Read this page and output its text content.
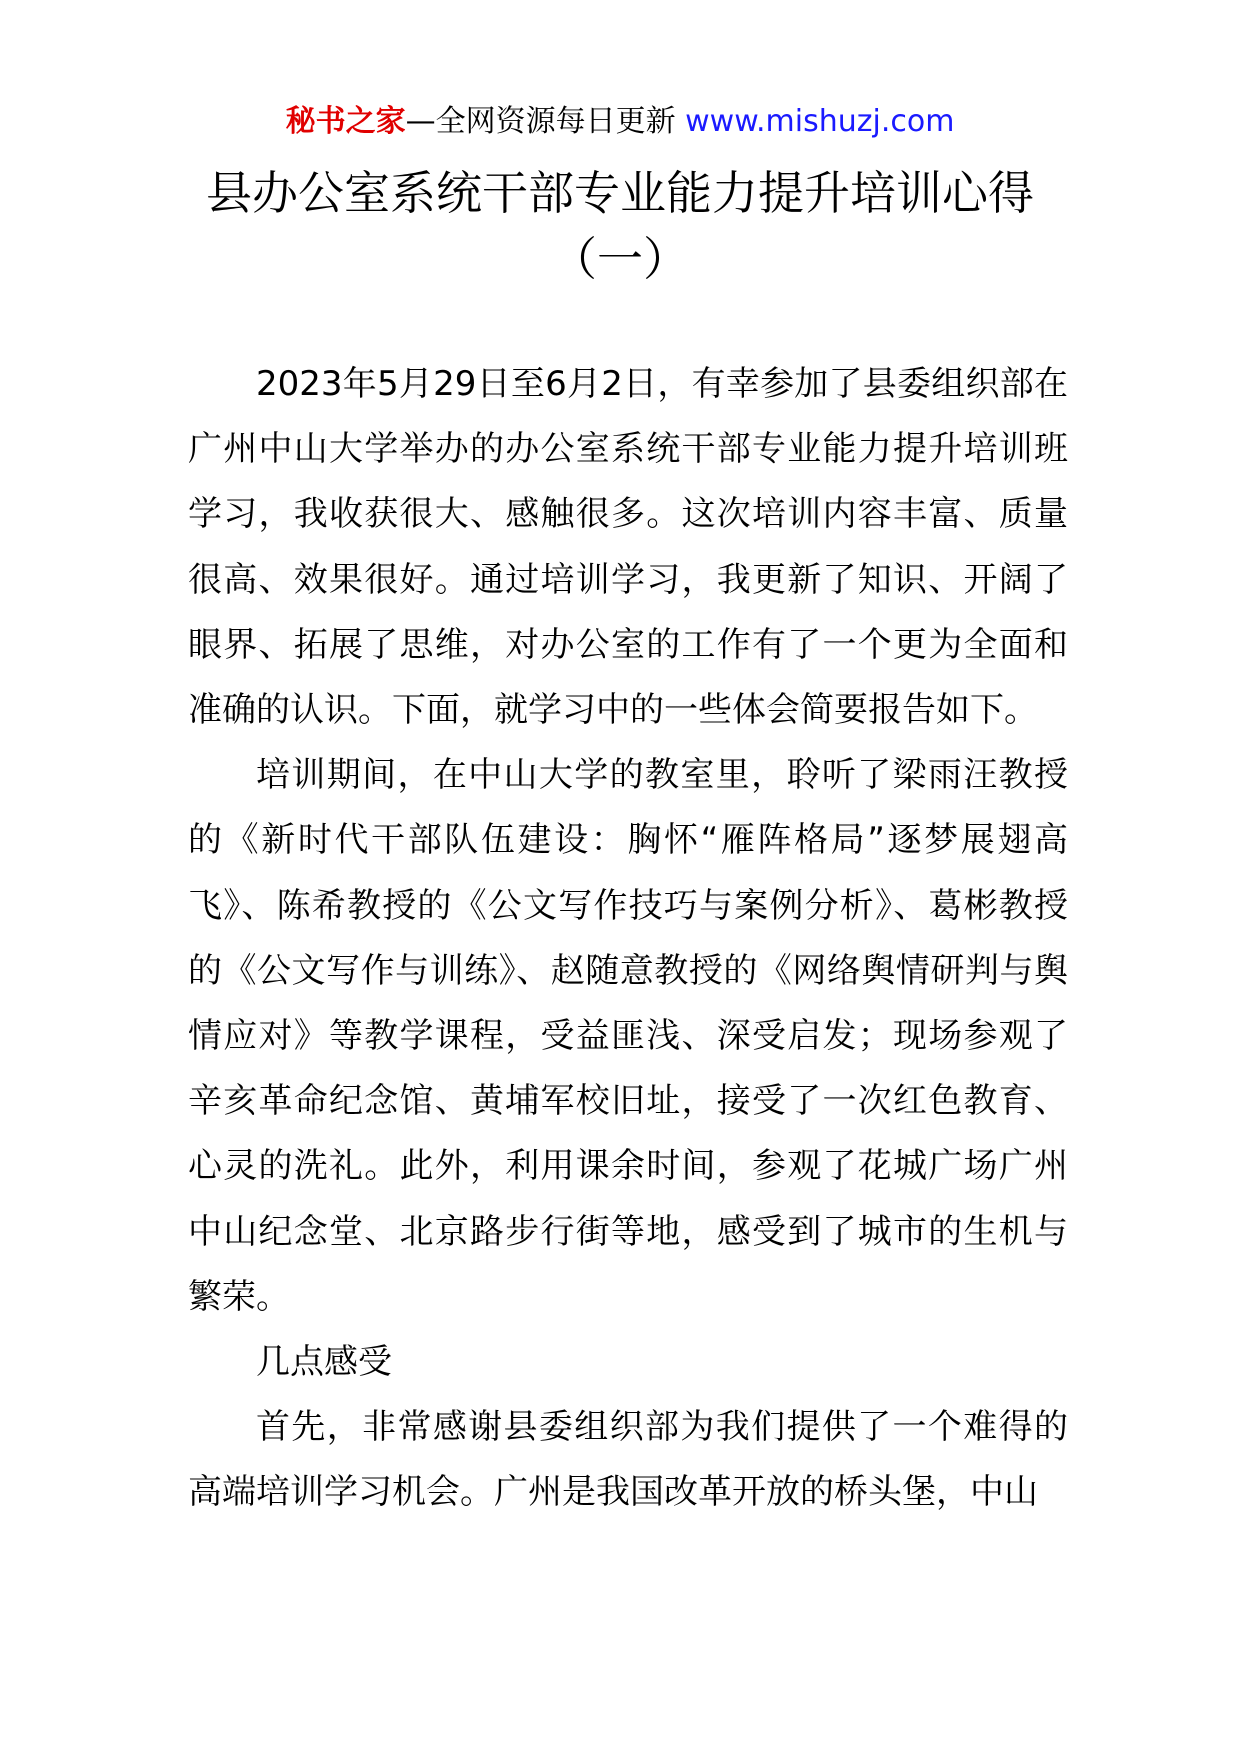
秘书之家—全网资源每日更新 www.mishuzj.com
县办公室系统干部专业能力提升培训心得（一）

2023年5月29日至6月2日，有幸参加了县委组织部在广州中山大学举办的办公室系统干部专业能力提升培训班学习，我收获很大、感触很多。这次培训内容丰富、质量很高、效果很好。通过培训学习，我更新了知识、开阔了眼界、拓展了思维，对办公室的工作有了一个更为全面和准确的认识。下面，就学习中的一些体会简要报告如下。

培训期间，在中山大学的教室里，聆听了梁雨汪教授的《新时代干部队伍建设：胸怀“雁阵格局”逐梦展翅高飞》、陈希教授的《公文写作技巧与案例分析》、葛彬教授的《公文写作与训练》、赵随意教授的《网络舆情研判与舆情应对》等教学课程，受益匪浅、深受启发；现场参观了辛亥革命纪念馆、黄埔军校旧址，接受了一次红色教育、心灵的洗礼。此外，利用课余时间，参观了花城广场广州中山纪念堂、北京路步行街等地，感受到了城市的生机与繁荣。

几点感受

首先，非常感谢县委组织部为我们提供了一个难得的高端培训学习机会。广州是我国改革开放的桥头堡，中山
